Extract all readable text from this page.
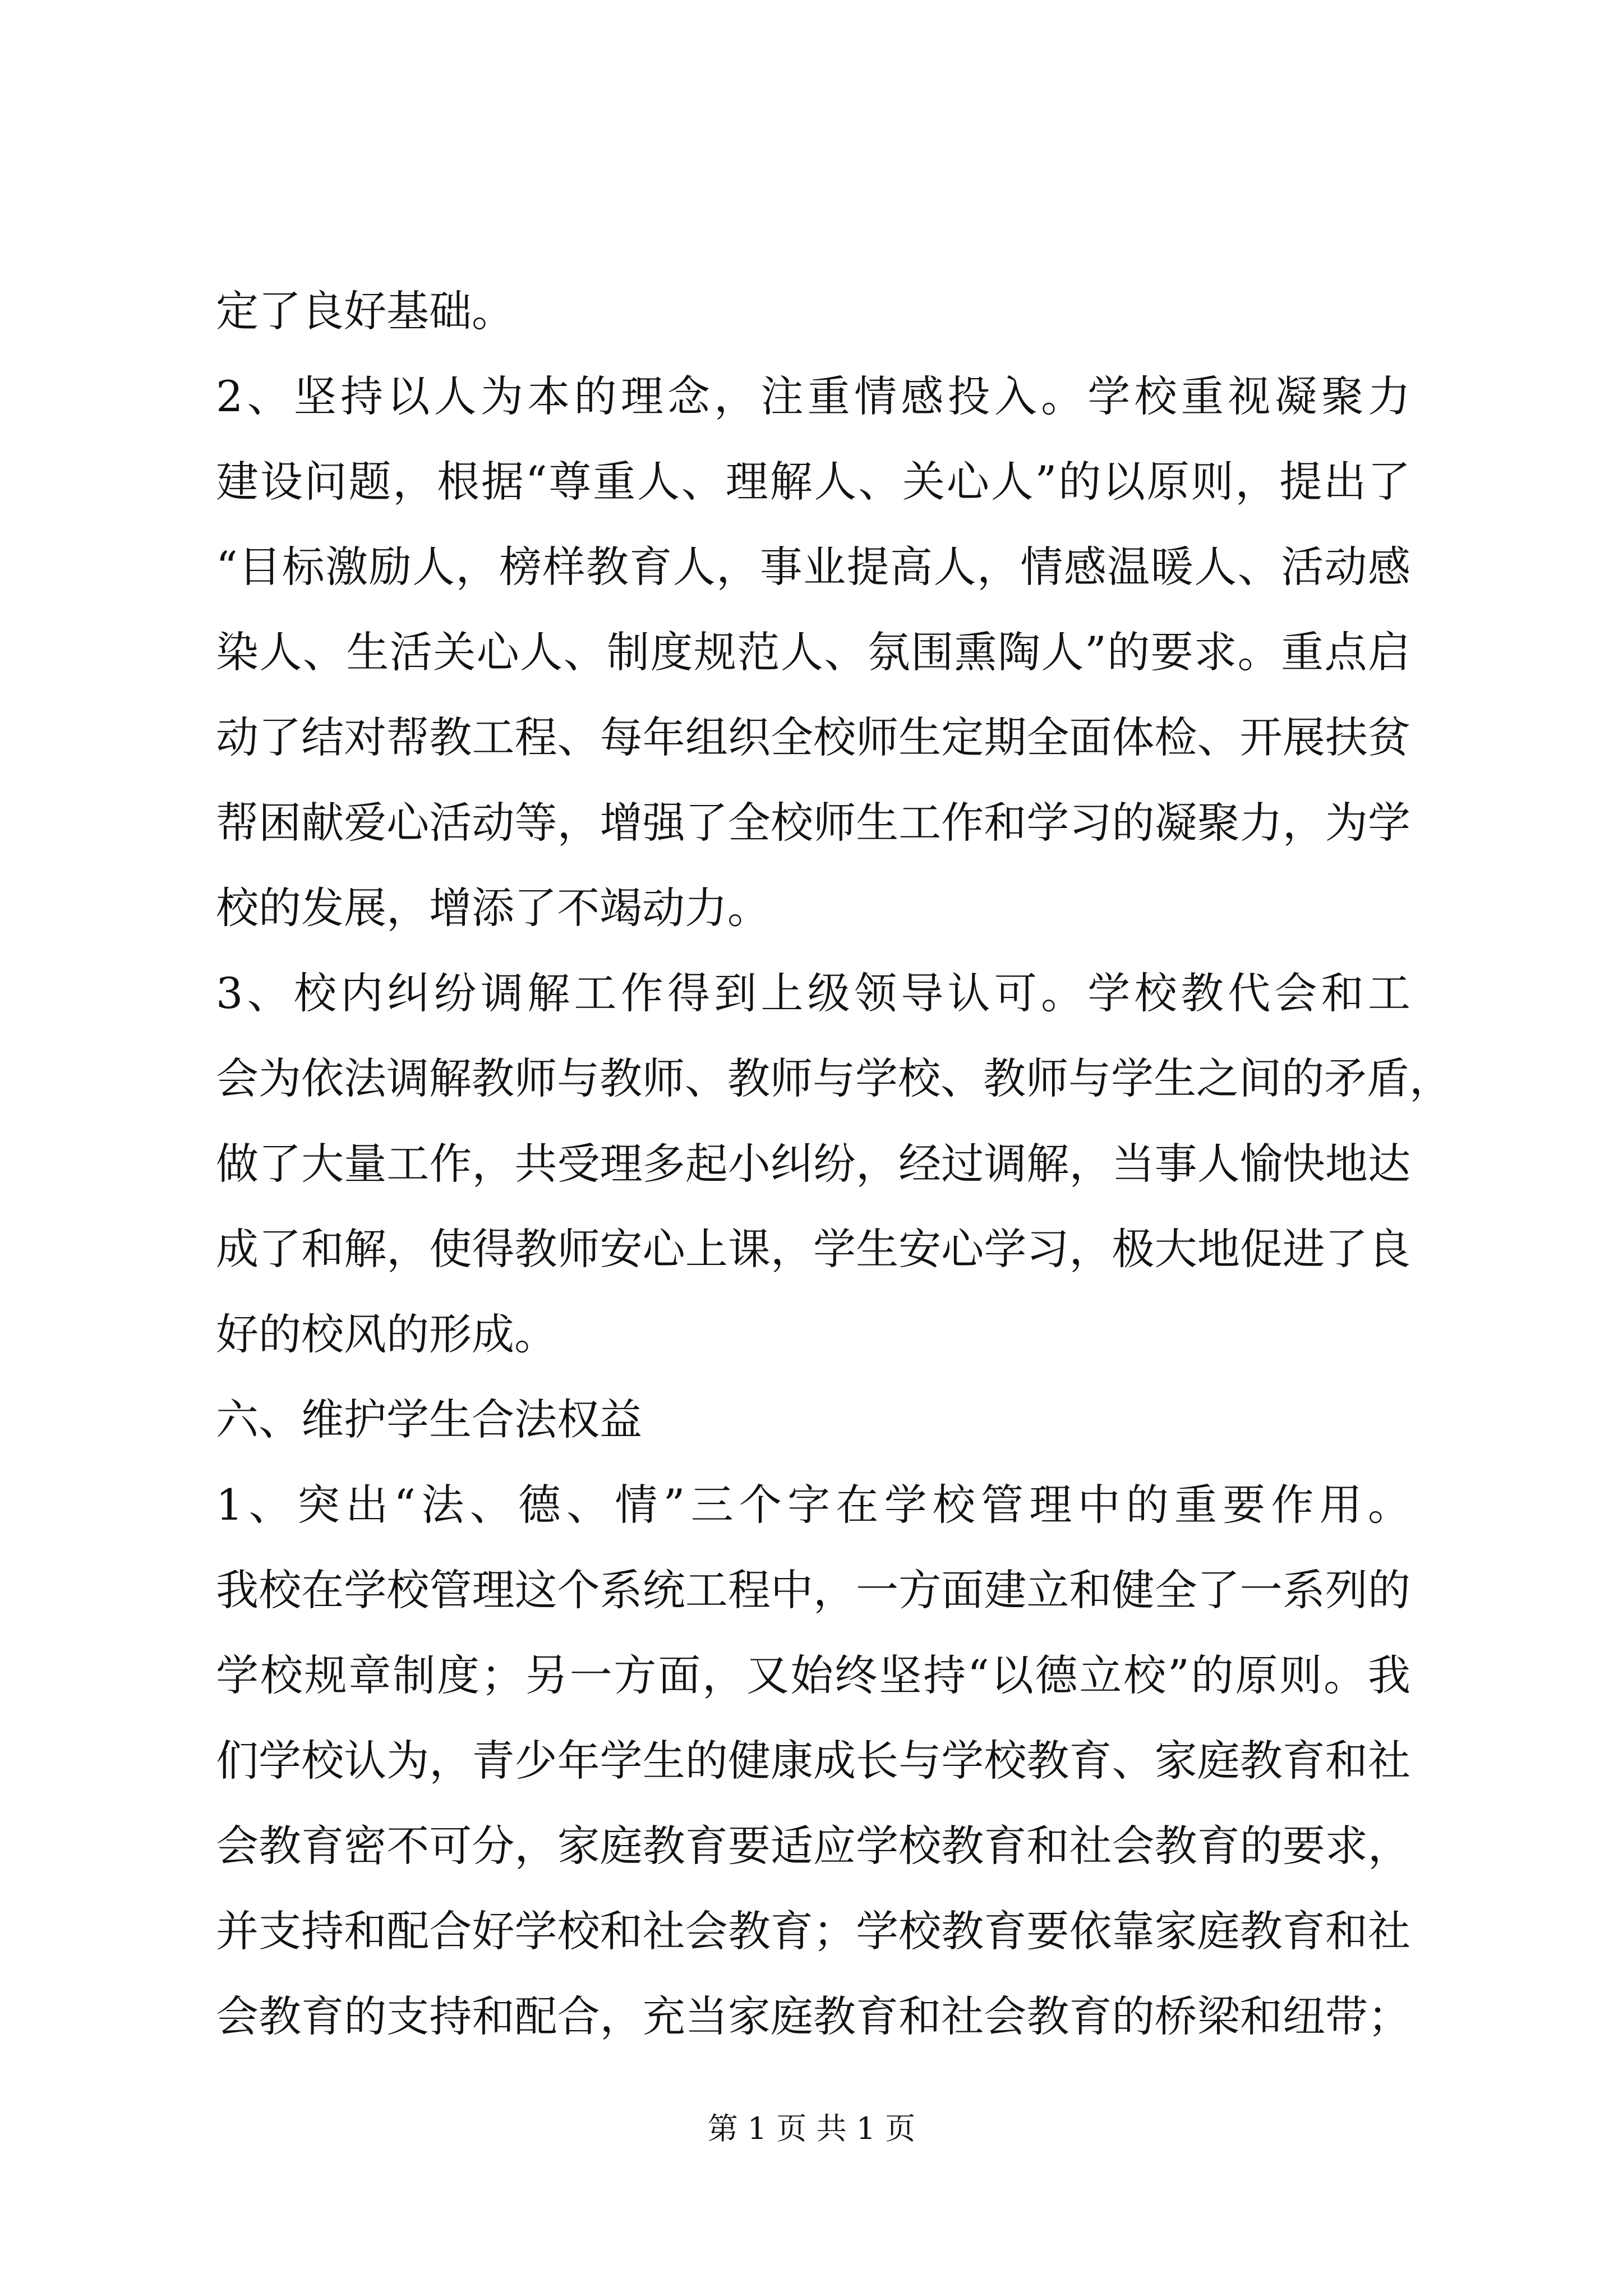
定了良好基础。
2、坚持以人为本的理念，注重情感投入。学校重视凝聚力
建设问题，根据“尊重人、理解人、关心人”的以原则，提出了
“目标激励人，榜样教育人，事业提高人，情感温暖人、活动感
染人、生活关心人、制度规范人、氛围熏陶人”的要求。重点启
动了结对帮教工程、每年组织全校师生定期全面体检、开展扶贫
帮困献爱心活动等，增强了全校师生工作和学习的凝聚力，为学
校的发展，增添了不竭动力。
3、校内纠纷调解工作得到上级领导认可。学校教代会和工
会为依法调解教师与教师、教师与学校、教师与学生之间的矛盾，
做了大量工作，共受理多起小纠纷，经过调解，当事人愉快地达
成了和解，使得教师安心上课，学生安心学习，极大地促进了良
好的校风的形成。
六、维护学生合法权益
1、突出“法、德、情”三个字在学校管理中的重要作用。
我校在学校管理这个系统工程中，一方面建立和健全了一系列的
学校规章制度；另一方面，又始终坚持“以德立校”的原则。我
们学校认为，青少年学生的健康成长与学校教育、家庭教育和社
会教育密不可分，家庭教育要适应学校教育和社会教育的要求，
并支持和配合好学校和社会教育；学校教育要依靠家庭教育和社
会教育的支持和配合，充当家庭教育和社会教育的桥梁和纽带；
第 1 页 共 1 页
